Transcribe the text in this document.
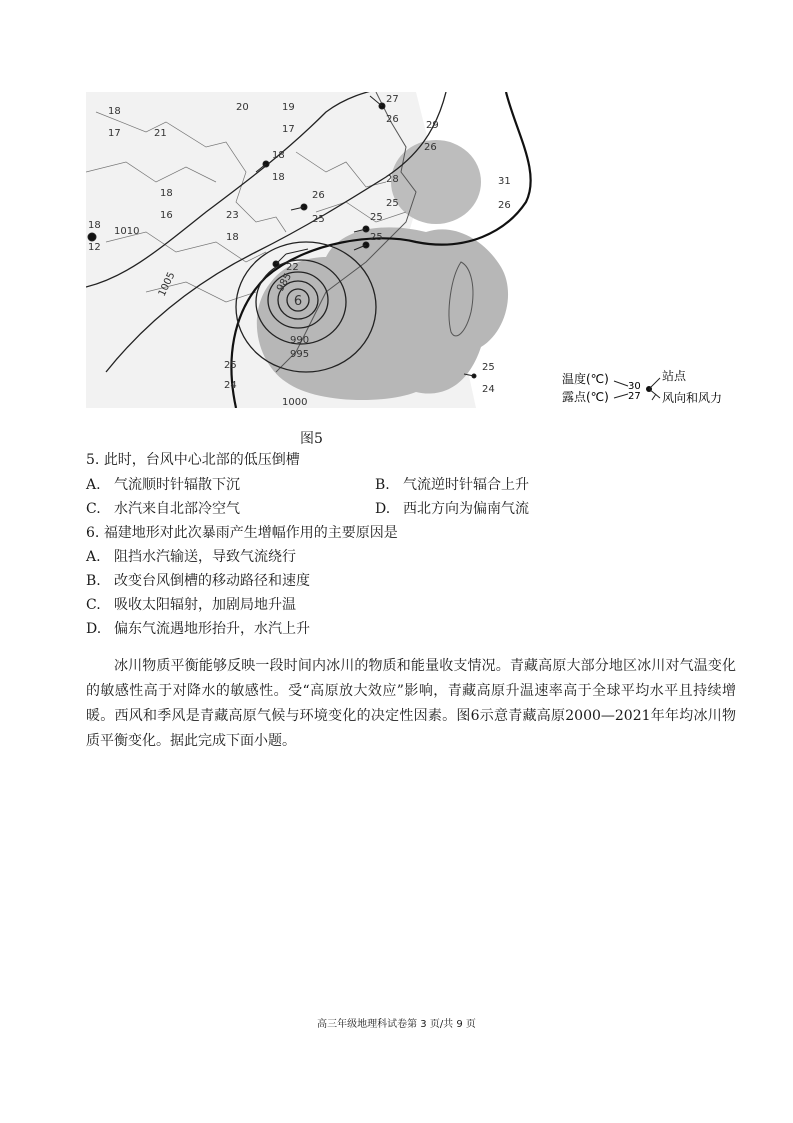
6
1010
1005
1000
995
990
985
18
17	21
18
16
20	19
17
18
18
26
25
23
18
27
26
29
26
28
25
31
26
25
25
22
25
24
25
24
18
12
温度(℃)
露点(℃)
30
27
站点
风向和风力
图5
5. 此时，台风中心北部的低压倒槽
A. 气流顺时针辐散下沉	B. 气流逆时针辐合上升
C. 水汽来自北部冷空气	D. 西北方向为偏南气流
6. 福建地形对此次暴雨产生增幅作用的主要原因是
A. 阻挡水汽输送，导致气流绕行
B. 改变台风倒槽的移动路径和速度
C. 吸收太阳辐射，加剧局地升温
D. 偏东气流遇地形抬升，水汽上升
冰川物质平衡能够反映一段时间内冰川的物质和能量收支情况。青藏高原大部分地区冰川对气温变化的敏感性高于对降水的敏感性。受“高原放大效应”影响，青藏高原升温速率高于全球平均水平且持续增暖。西风和季风是青藏高原气候与环境变化的决定性因素。图6示意青藏高原2000—2021年年均冰川物质平衡变化。据此完成下面小题。
高三年级地理科试卷第 3 页/共 9 页
